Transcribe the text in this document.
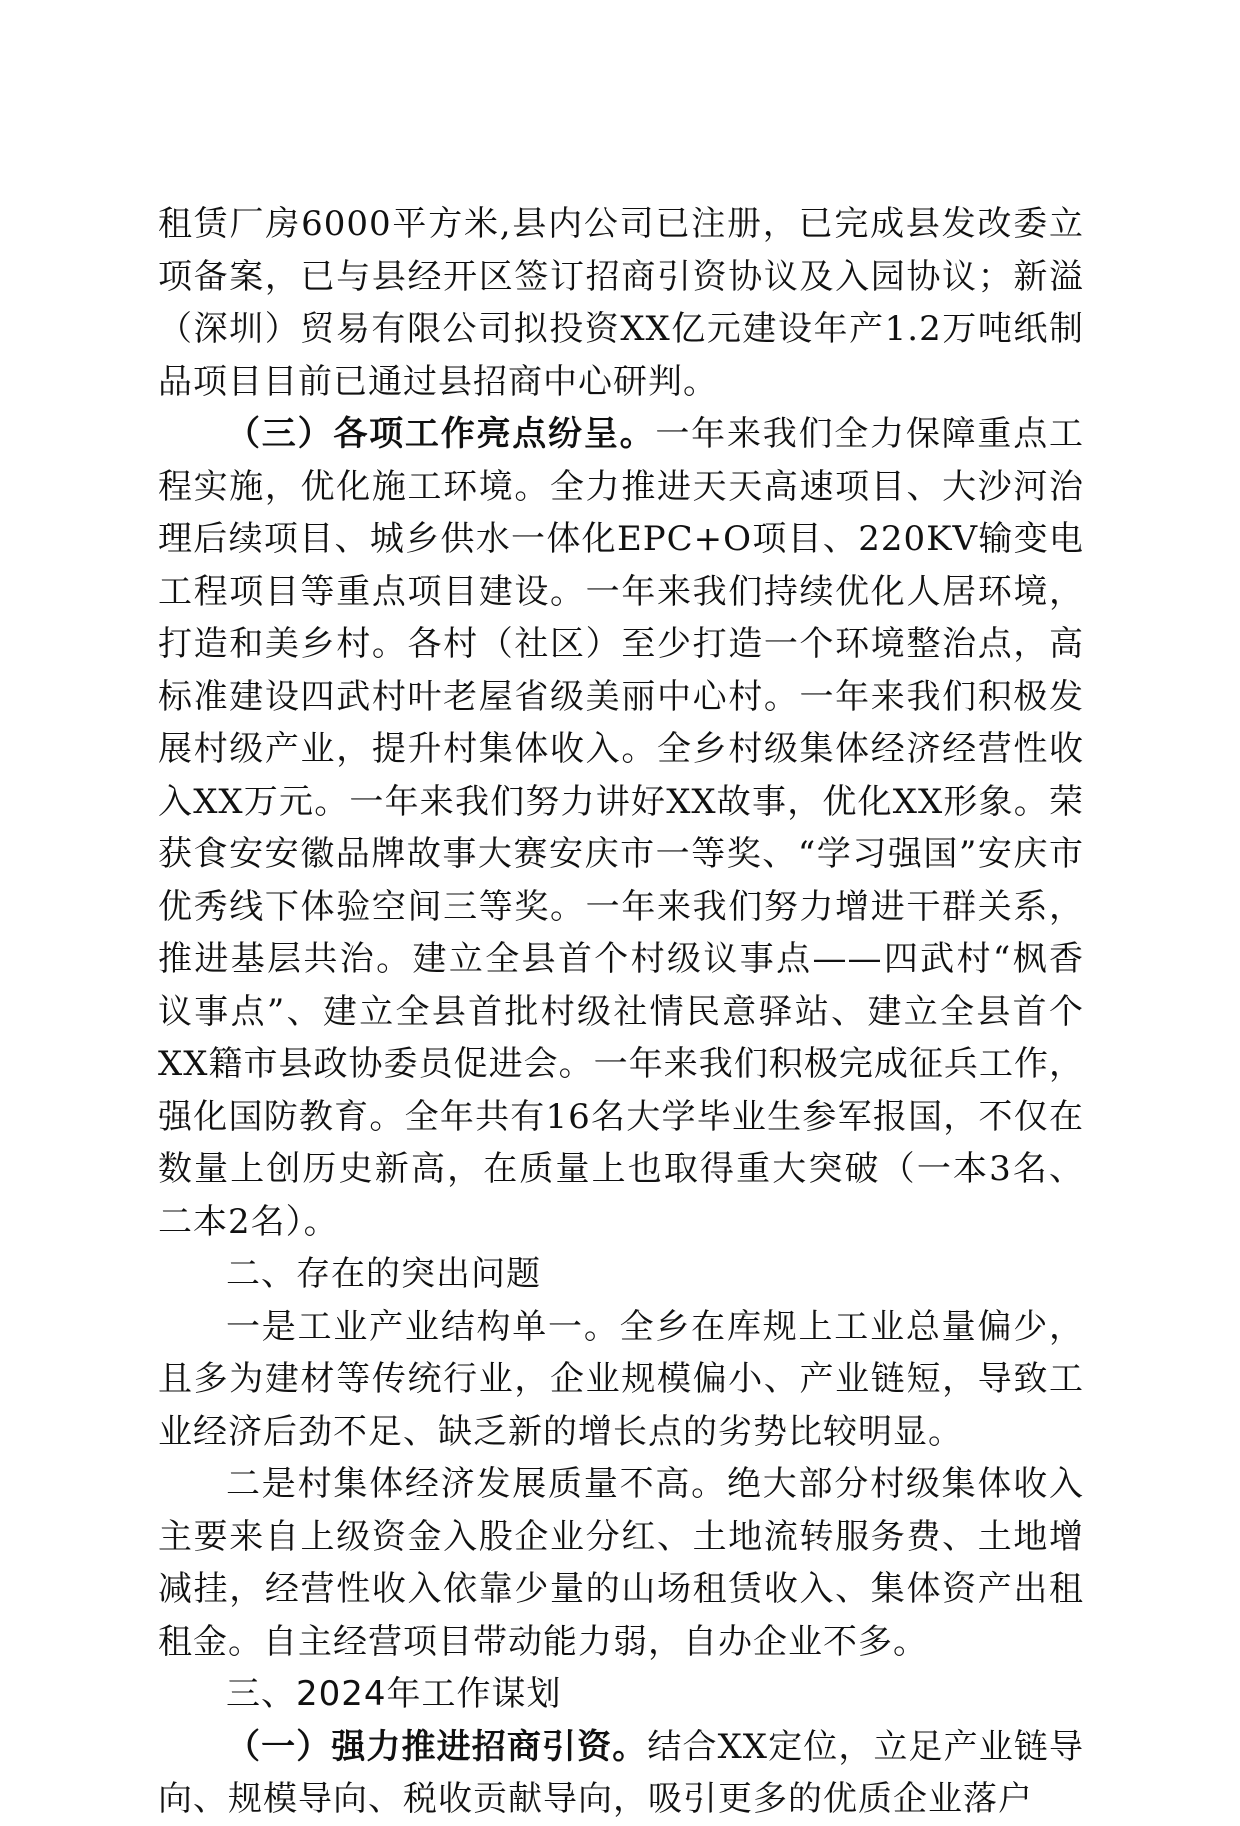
租赁厂房6000平方米,县内公司已注册，已完成县发改委立项备案，已与县经开区签订招商引资协议及入园协议；新溢（深圳）贸易有限公司拟投资XX亿元建设年产1.2万吨纸制品项目目前已通过县招商中心研判。

（三）各项工作亮点纷呈。一年来我们全力保障重点工程实施，优化施工环境。全力推进天天高速项目、大沙河治理后续项目、城乡供水一体化EPC+O项目、220KV输变电工程项目等重点项目建设。一年来我们持续优化人居环境，打造和美乡村。各村（社区）至少打造一个环境整治点，高标准建设四武村叶老屋省级美丽中心村。一年来我们积极发展村级产业，提升村集体收入。全乡村级集体经济经营性收入XX万元。一年来我们努力讲好XX故事，优化XX形象。荣获食安安徽品牌故事大赛安庆市一等奖、“学习强国”安庆市优秀线下体验空间三等奖。一年来我们努力增进干群关系，推进基层共治。建立全县首个村级议事点——四武村“枫香议事点”、建立全县首批村级社情民意驿站、建立全县首个XX籍市县政协委员促进会。一年来我们积极完成征兵工作，强化国防教育。全年共有16名大学毕业生参军报国，不仅在数量上创历史新高，在质量上也取得重大突破（一本3名、二本2名）。

二、存在的突出问题

一是工业产业结构单一。全乡在库规上工业总量偏少，且多为建材等传统行业，企业规模偏小、产业链短，导致工业经济后劲不足、缺乏新的增长点的劣势比较明显。

二是村集体经济发展质量不高。绝大部分村级集体收入主要来自上级资金入股企业分红、土地流转服务费、土地增减挂，经营性收入依靠少量的山场租赁收入、集体资产出租租金。自主经营项目带动能力弱，自办企业不多。

三、2024年工作谋划

（一）强力推进招商引资。结合XX定位，立足产业链导向、规模导向、税收贡献导向，吸引更多的优质企业落户
